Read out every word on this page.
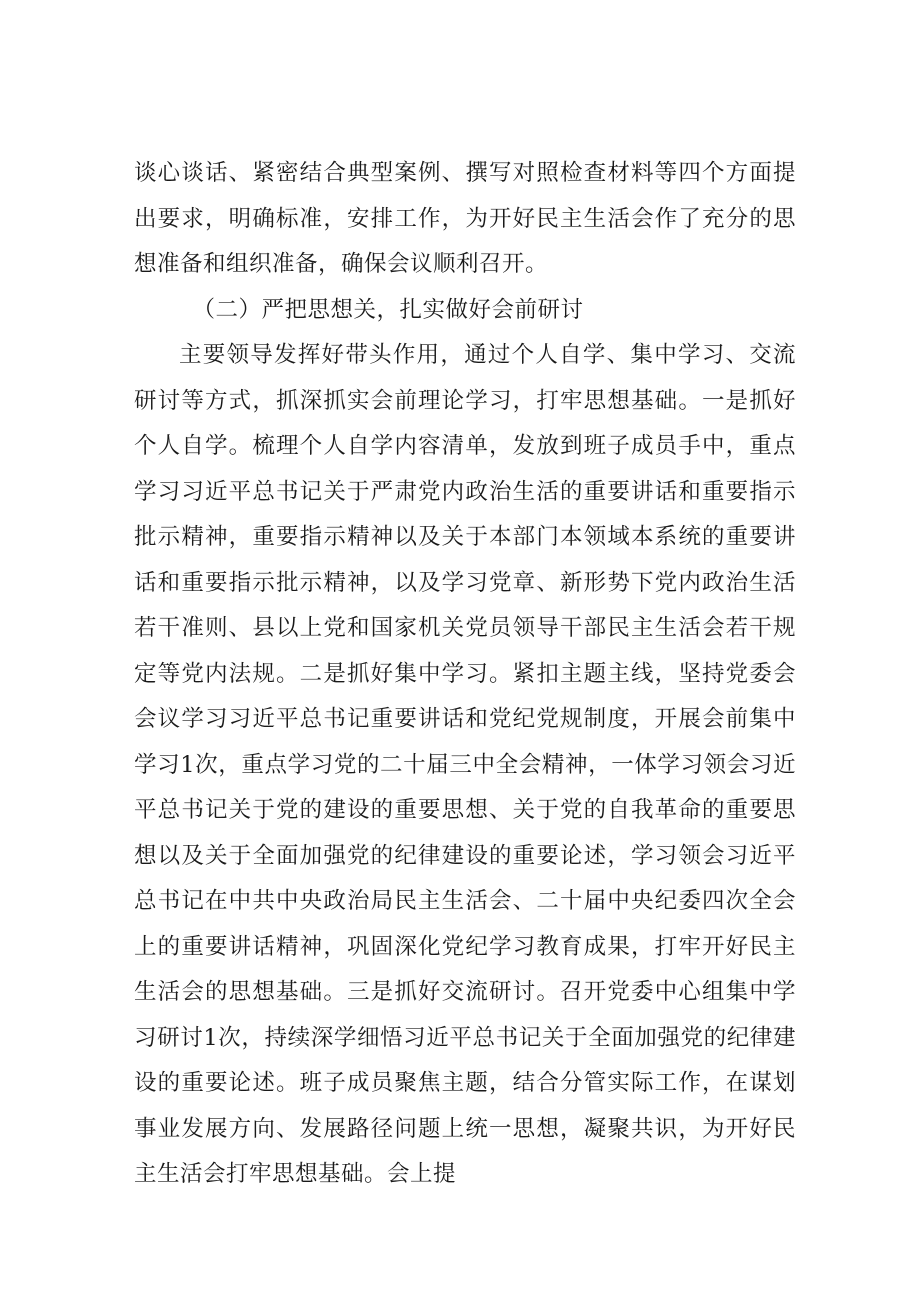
谈心谈话、紧密结合典型案例、撰写对照检查材料等四个方面提出要求，明确标准，安排工作，为开好民主生活会作了充分的思想准备和组织准备，确保会议顺利召开。

（二）严把思想关，扎实做好会前研讨

主要领导发挥好带头作用，通过个人自学、集中学习、交流研讨等方式，抓深抓实会前理论学习，打牢思想基础。一是抓好个人自学。梳理个人自学内容清单，发放到班子成员手中，重点学习习近平总书记关于严肃党内政治生活的重要讲话和重要指示批示精神，重要指示精神以及关于本部门本领域本系统的重要讲话和重要指示批示精神，以及学习党章、新形势下党内政治生活若干准则、县以上党和国家机关党员领导干部民主生活会若干规定等党内法规。二是抓好集中学习。紧扣主题主线，坚持党委会会议学习习近平总书记重要讲话和党纪党规制度，开展会前集中学习1次，重点学习党的二十届三中全会精神，一体学习领会习近平总书记关于党的建设的重要思想、关于党的自我革命的重要思想以及关于全面加强党的纪律建设的重要论述，学习领会习近平总书记在中共中央政治局民主生活会、二十届中央纪委四次全会上的重要讲话精神，巩固深化党纪学习教育成果，打牢开好民主生活会的思想基础。三是抓好交流研讨。召开党委中心组集中学习研讨1次，持续深学细悟习近平总书记关于全面加强党的纪律建设的重要论述。班子成员聚焦主题，结合分管实际工作，在谋划事业发展方向、发展路径问题上统一思想，凝聚共识，为开好民主生活会打牢思想基础。会上提
